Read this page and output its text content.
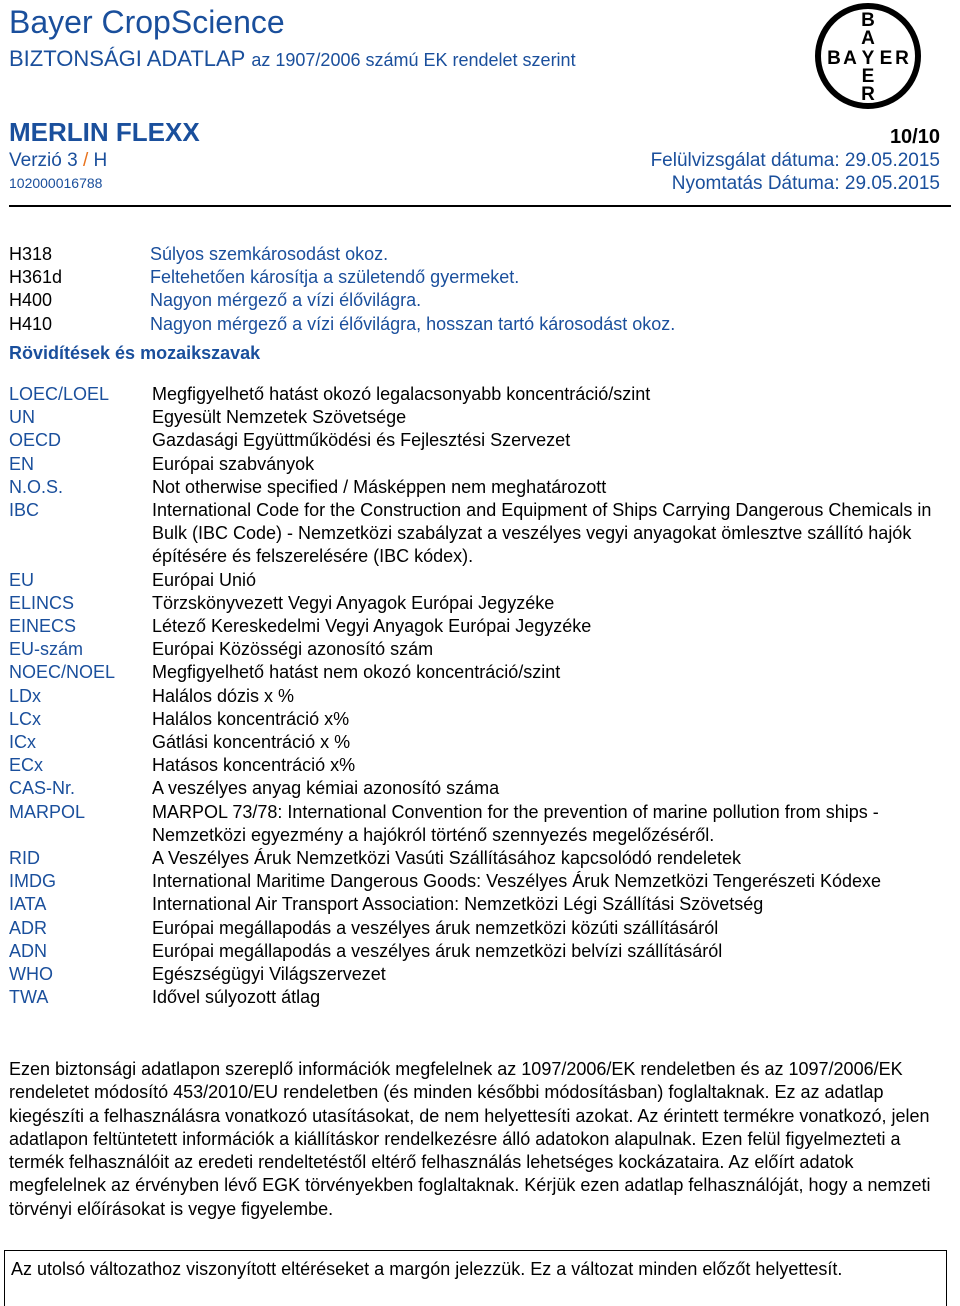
Bayer CropScience
BIZTONSÁGI ADATLAP az 1907/2006 számú EK rendelet szerint
B
A
B A Y E R
E
R
MERLIN FLEXX	10/10
Verzió 3 / H	Felülvizsgálat dátuma: 29.05.2015
102000016788	Nyomtatás Dátuma: 29.05.2015
H318	Súlyos szemkárosodást okoz.
H361d	Feltehetően károsítja a születendő gyermeket.
H400	Nagyon mérgező a vízi élővilágra.
H410	Nagyon mérgező a vízi élővilágra, hosszan tartó károsodást okoz.
Rövidítések és mozaikszavak
LOEC/LOEL	Megfigyelhető hatást okozó legalacsonyabb koncentráció/szint
UN	Egyesült Nemzetek Szövetsége
OECD	Gazdasági Együttműködési és Fejlesztési Szervezet
EN	Európai szabványok
N.O.S.	Not otherwise specified / Másképpen nem meghatározott
IBC	International Code for the Construction and Equipment of Ships Carrying Dangerous Chemicals in Bulk (IBC Code) - Nemzetközi szabályzat a veszélyes vegyi anyagokat ömlesztve szállító hajók építésére és felszerelésére (IBC kódex).
EU	Európai Unió
ELINCS	Törzskönyvezett Vegyi Anyagok Európai Jegyzéke
EINECS	Létező Kereskedelmi Vegyi Anyagok Európai Jegyzéke
EU-szám	Európai Közösségi azonosító szám
NOEC/NOEL	Megfigyelhető hatást nem okozó koncentráció/szint
LDx	Halálos dózis x %
LCx	Halálos koncentráció x%
ICx	Gátlási koncentráció x %
ECx	Hatásos koncentráció x%
CAS-Nr.	A veszélyes anyag kémiai azonosító száma
MARPOL	MARPOL 73/78: International Convention for the prevention of marine pollution from ships - Nemzetközi egyezmény a hajókról történő szennyezés megelőzéséről.
RID	A Veszélyes Áruk Nemzetközi Vasúti Szállításához kapcsolódó rendeletek
IMDG	International Maritime Dangerous Goods: Veszélyes Áruk Nemzetközi Tengerészeti Kódexe
IATA	International Air Transport Association: Nemzetközi Légi Szállítási Szövetség
ADR	Európai megállapodás a veszélyes áruk nemzetközi közúti szállításáról
ADN	Európai megállapodás a veszélyes áruk nemzetközi belvízi szállításáról
WHO	Egészségügyi Világszervezet
TWA	Idővel súlyozott átlag
Ezen biztonsági adatlapon szereplő információk megfelelnek az 1097/2006/EK rendeletben és az 1097/2006/EK rendeletet módosító 453/2010/EU rendeletben (és minden későbbi módosításban) foglaltaknak. Ez az adatlap kiegészíti a felhasználásra vonatkozó utasításokat, de nem helyettesíti azokat. Az érintett termékre vonatkozó, jelen adatlapon feltüntetett információk a kiállításkor rendelkezésre álló adatokon alapulnak. Ezen felül figyelmezteti a termék felhasználóit az eredeti rendeltetéstől eltérő felhasználás lehetséges kockázataira. Az előírt adatok megfelelnek az érvényben lévő EGK törvényekben foglaltaknak. Kérjük ezen adatlap felhasználóját, hogy a nemzeti törvényi előírásokat is vegye figyelembe.
Az utolsó változathoz viszonyított eltéréseket a margón jelezzük. Ez a változat minden előzőt helyettesít.
